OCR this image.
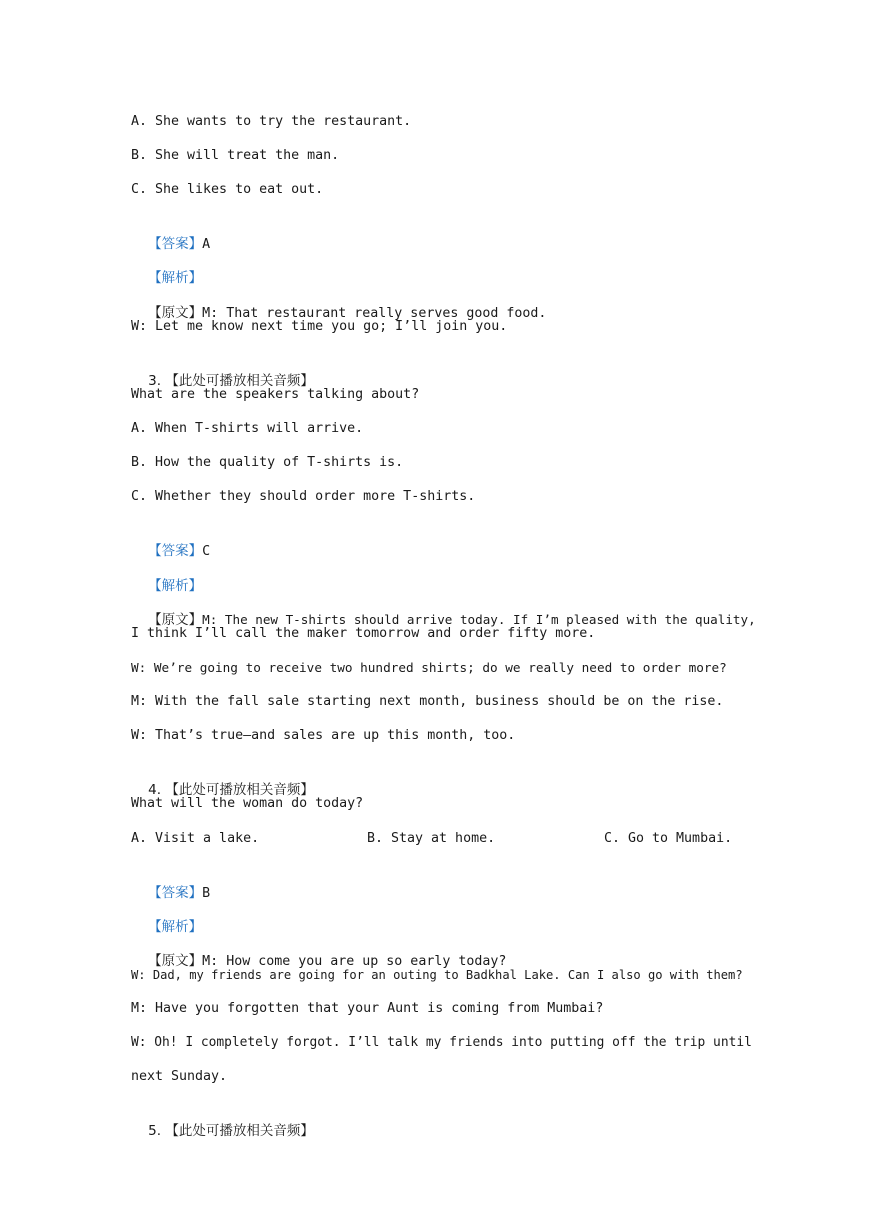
A. She wants to try the restaurant.
B. She will treat the man.
C. She likes to eat out.

【答案】A

【解析】

【原文】M: That restaurant really serves good food.

W: Let me know next time you go; I’ll join you.

3. 【此处可播放相关音频】

What are the speakers talking about?
A. When T-shirts will arrive.
B. How the quality of T-shirts is.
C. Whether they should order more T-shirts.

【答案】C

【解析】

【原文】M: The new T-shirts should arrive today. If I’m pleased with the quality,

I think I’ll call the maker tomorrow and order fifty more.
W: We’re going to receive two hundred shirts; do we really need to order more?
M: With the fall sale starting next month, business should be on the rise.
W: That’s true—and sales are up this month, too.

4. 【此处可播放相关音频】

What will the woman do today?

A. Visit a lake.

	B. Stay at home.

	C. Go to Mumbai.

【答案】B

【解析】

【原文】M: How come you are up so early today?

W: Dad, my friends are going for an outing to Badkhal Lake. Can I also go with them?
M: Have you forgotten that your Aunt is coming from Mumbai?
W: Oh! I completely forgot. I’ll talk my friends into putting off the trip until
next Sunday.

5. 【此处可播放相关音频】
